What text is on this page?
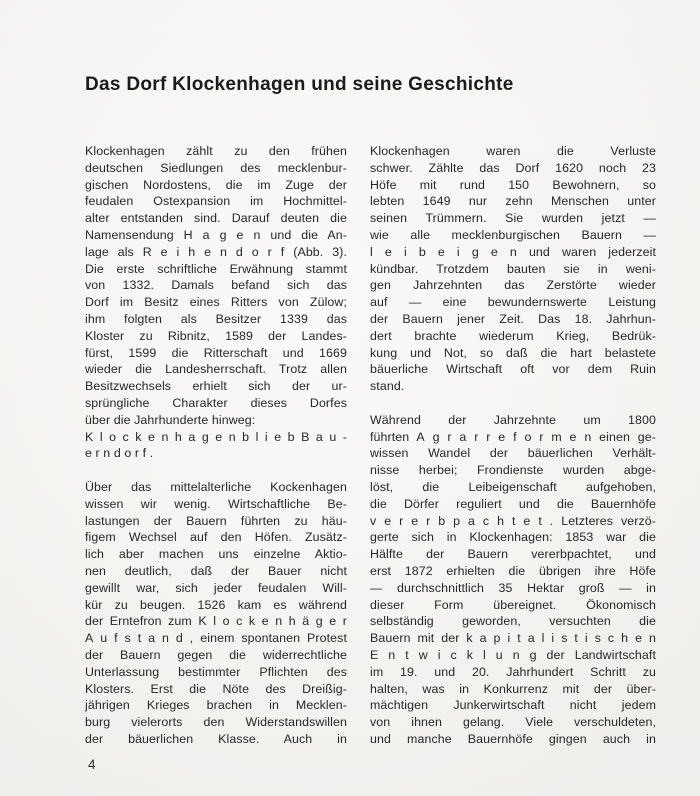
Das Dorf Klockenhagen und seine Geschichte
Klockenhagen zählt zu den frühen
deutschen Siedlungen des mecklenbur-
gischen Nordostens, die im Zuge der
feudalen Ostexpansion im Hochmittel-
alter entstanden sind. Darauf deuten die
Namensendung H a g e n und die An-
lage als R e i h e n d o r f (Abb. 3).
Die erste schriftliche Erwähnung stammt
von 1332. Damals befand sich das
Dorf im Besitz eines Ritters von Zülow;
ihm folgten als Besitzer 1339 das
Kloster zu Ribnitz, 1589 der Landes-
fürst, 1599 die Ritterschaft und 1669
wieder die Landesherrschaft. Trotz allen
Besitzwechsels erhielt sich der ur-
sprüngliche Charakter dieses Dorfes
über die Jahrhunderte hinweg:
K l o c k e n h a g e n b l i e b B a u -
e r n d o r f .

Über das mittelalterliche Kockenhagen
wissen wir wenig. Wirtschaftliche Be-
lastungen der Bauern führten zu häu-
figem Wechsel auf den Höfen. Zusätz-
lich aber machen uns einzelne Aktio-
nen deutlich, daß der Bauer nicht
gewillt war, sich jeder feudalen Will-
kür zu beugen. 1526 kam es während
der Erntefron zum K l o c k e n h ä g e r
A u f s t a n d , einem spontanen Protest
der Bauern gegen die widerrechtliche
Unterlassung bestimmter Pflichten des
Klosters. Erst die Nöte des Dreißig-
jährigen Krieges brachen in Mecklen-
burg vielerorts den Widerstandswillen
der bäuerlichen Klasse. Auch in
Klockenhagen waren die Verluste
schwer. Zählte das Dorf 1620 noch 23
Höfe mit rund 150 Bewohnern, so
lebten 1649 nur zehn Menschen unter
seinen Trümmern. Sie wurden jetzt —
wie alle mecklenburgischen Bauern —
l e i b e i g e n und waren jederzeit
kündbar. Trotzdem bauten sie in weni-
gen Jahrzehnten das Zerstörte wieder
auf — eine bewundernswerte Leistung
der Bauern jener Zeit. Das 18. Jahrhun-
dert brachte wiederum Krieg, Bedrük-
kung und Not, so daß die hart belastete
bäuerliche Wirtschaft oft vor dem Ruin
stand.

Während der Jahrzehnte um 1800
führten A g r a r r e f o r m e n einen ge-
wissen Wandel der bäuerlichen Verhält-
nisse herbei; Frondienste wurden abge-
löst, die Leibeigenschaft aufgehoben,
die Dörfer reguliert und die Bauernhöfe
v e r e r b p a c h t e t . Letzteres verzö-
gerte sich in Klockenhagen: 1853 war die
Hälfte der Bauern vererbpachtet, und
erst 1872 erhielten die übrigen ihre Höfe
— durchschnittlich 35 Hektar groß — in
dieser Form übereignet. Ökonomisch
selbständig geworden, versuchten die
Bauern mit der k a p i t a l i s t i s c h e n
E n t w i c k l u n g der Landwirtschaft
im 19. und 20. Jahrhundert Schritt zu
halten, was in Konkurrenz mit der über-
mächtigen Junkerwirtschaft nicht jedem
von ihnen gelang. Viele verschuldeten,
und manche Bauernhöfe gingen auch in
4
